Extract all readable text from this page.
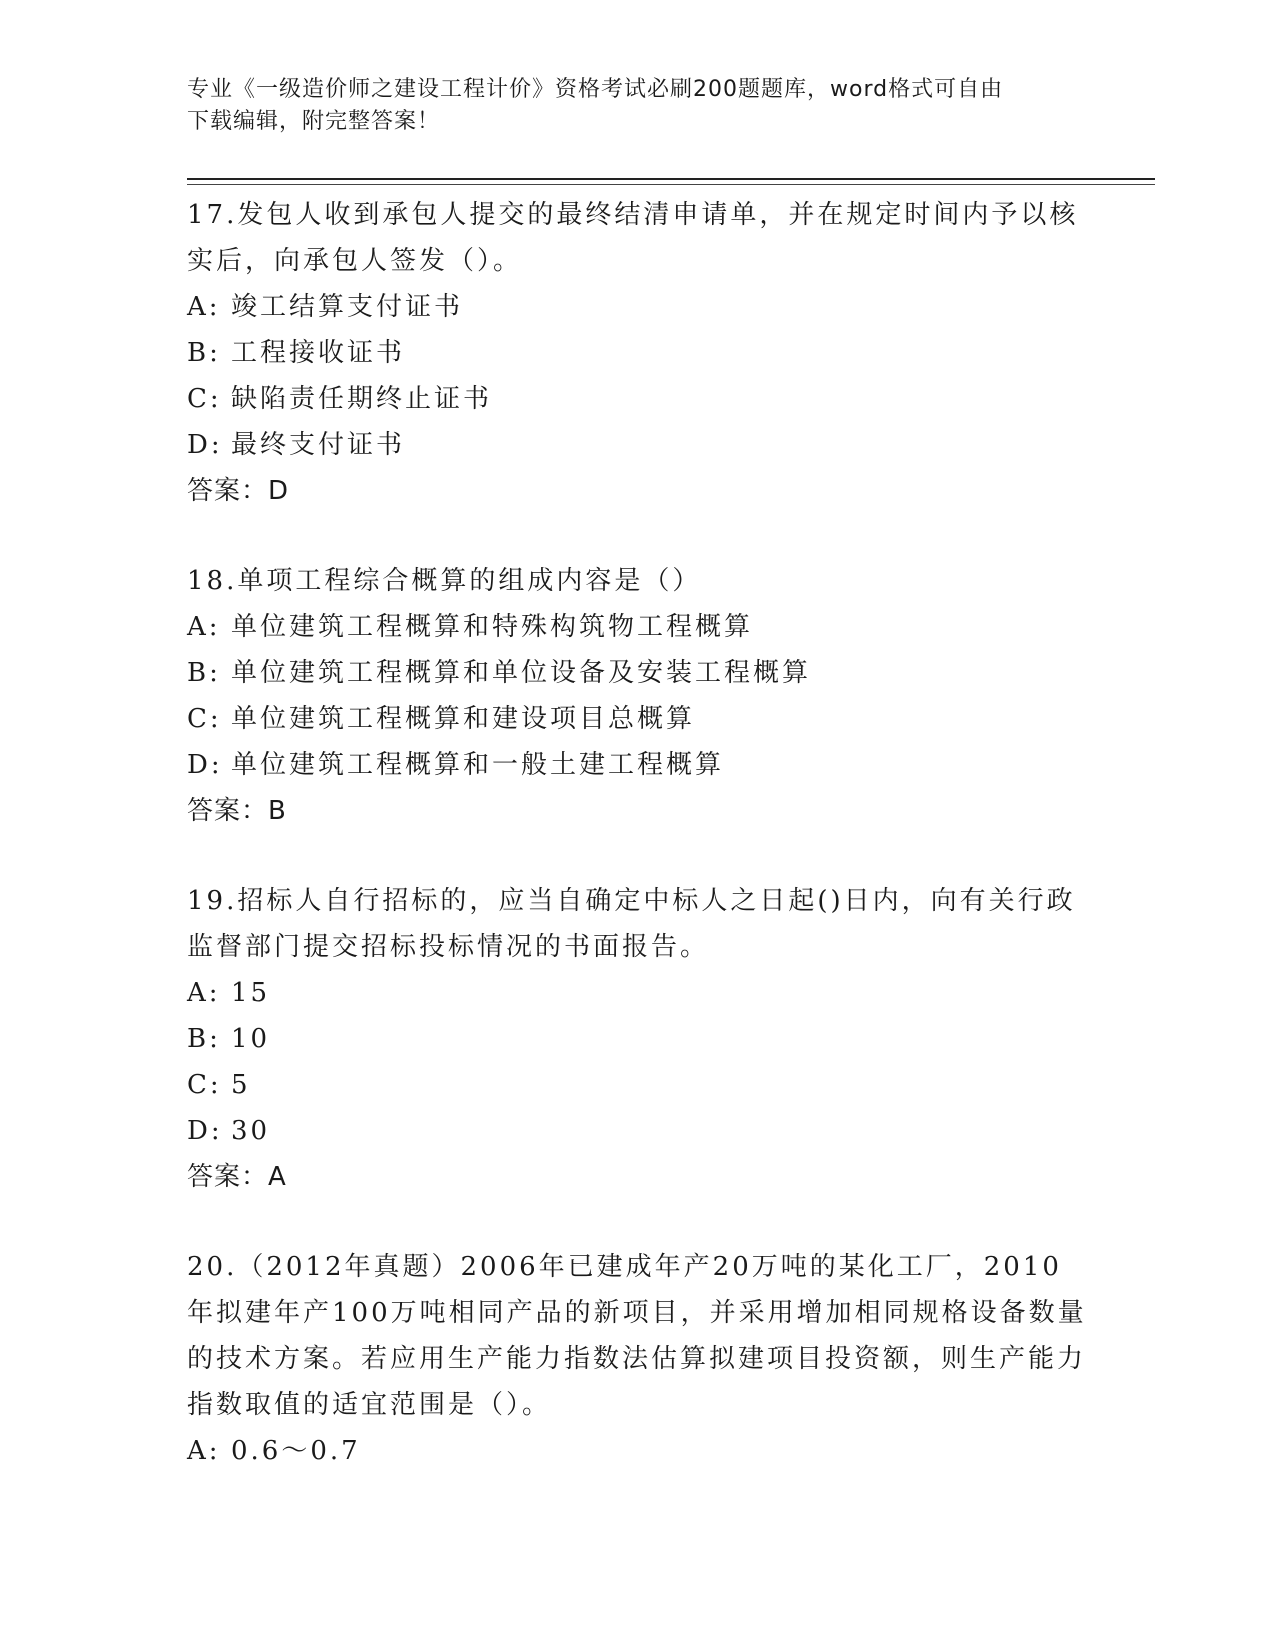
专业《一级造价师之建设工程计价》资格考试必刷200题题库，word格式可自由
下载编辑，附完整答案！
17.发包人收到承包人提交的最终结清申请单，并在规定时间内予以核实后，向承包人签发（）。
A: 竣工结算支付证书
B: 工程接收证书
C: 缺陷责任期终止证书
D: 最终支付证书
答案：D
18.单项工程综合概算的组成内容是（）
A: 单位建筑工程概算和特殊构筑物工程概算
B: 单位建筑工程概算和单位设备及安装工程概算
C: 单位建筑工程概算和建设项目总概算
D: 单位建筑工程概算和一般土建工程概算
答案：B
19.招标人自行招标的，应当自确定中标人之日起()日内，向有关行政监督部门提交招标投标情况的书面报告。
A: 15
B: 10
C: 5
D: 30
答案：A
20.（2012年真题）2006年已建成年产20万吨的某化工厂，2010年拟建年产100万吨相同产品的新项目，并采用增加相同规格设备数量的技术方案。若应用生产能力指数法估算拟建项目投资额，则生产能力指数取值的适宜范围是（）。
A: 0.6～0.7
